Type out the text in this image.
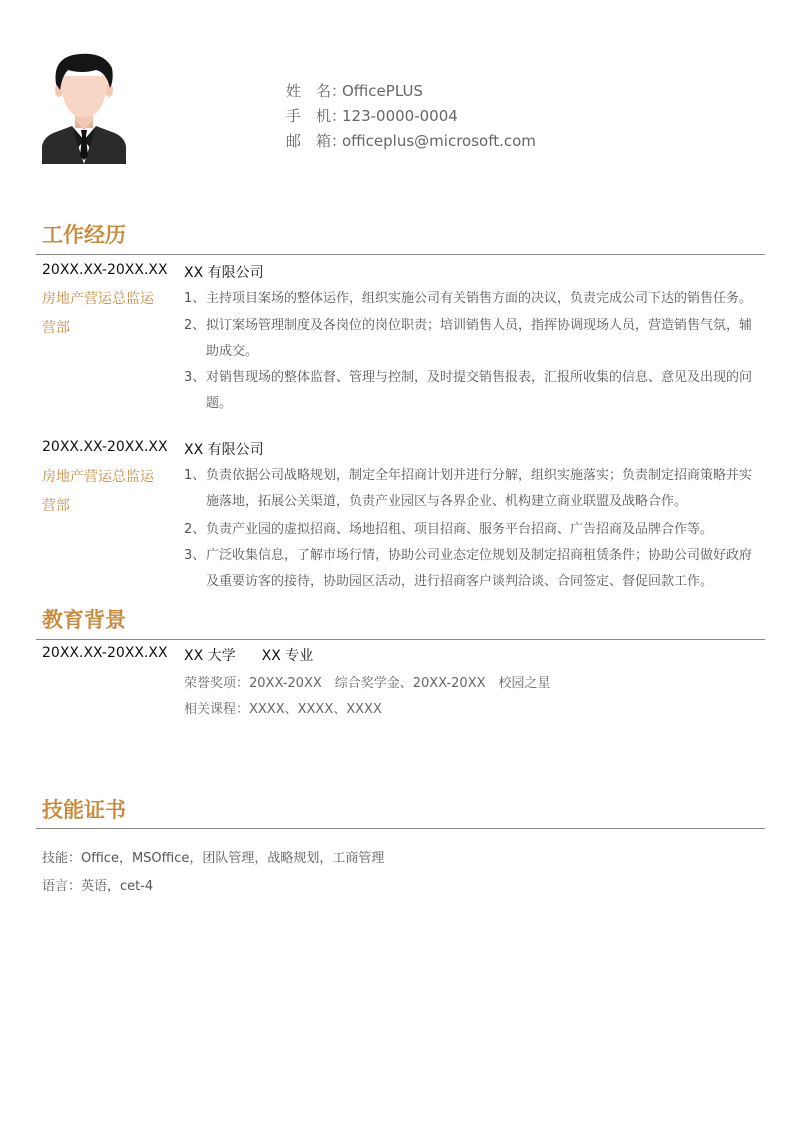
姓　名：OfficePLUS
手　机：123-0000-0004
邮　箱：officeplus@microsoft.com
工作经历
20XX.XX-20XX.XX XX 有限公司
房地产营运总监运营部
1、 主持项目案场的整体运作，组织实施公司有关销售方面的决议，负责完成公司下达的销售任务。
2、 拟订案场管理制度及各岗位的岗位职责；培训销售人员，指挥协调现场人员，营造销售气氛，辅助成交。
3、 对销售现场的整体监督、管理与控制，及时提交销售报表，汇报所收集的信息、意见及出现的问题。
20XX.XX-20XX.XX XX 有限公司
房地产营运总监运营部
1、 负责依据公司战略规划，制定全年招商计划并进行分解，组织实施落实；负责制定招商策略并实施落地，拓展公关渠道，负责产业园区与各界企业、机构建立商业联盟及战略合作。
2、 负责产业园的虚拟招商、场地招租、项目招商、服务平台招商、广告招商及品牌合作等。
3、 广泛收集信息，了解市场行情，协助公司业态定位规划及制定招商租赁条件；协助公司做好政府及重要访客的接待，协助园区活动，进行招商客户谈判洽谈、合同签定、督促回款工作。
教育背景
20XX.XX-20XX.XX XX 大学 XX 专业
荣誉奖项：20XX-20XX　综合奖学金、20XX-20XX　校园之星
相关课程：XXXX、XXXX、XXXX
技能证书
技能：Office，MSOffice，团队管理，战略规划，工商管理
语言：英语，cet-4
